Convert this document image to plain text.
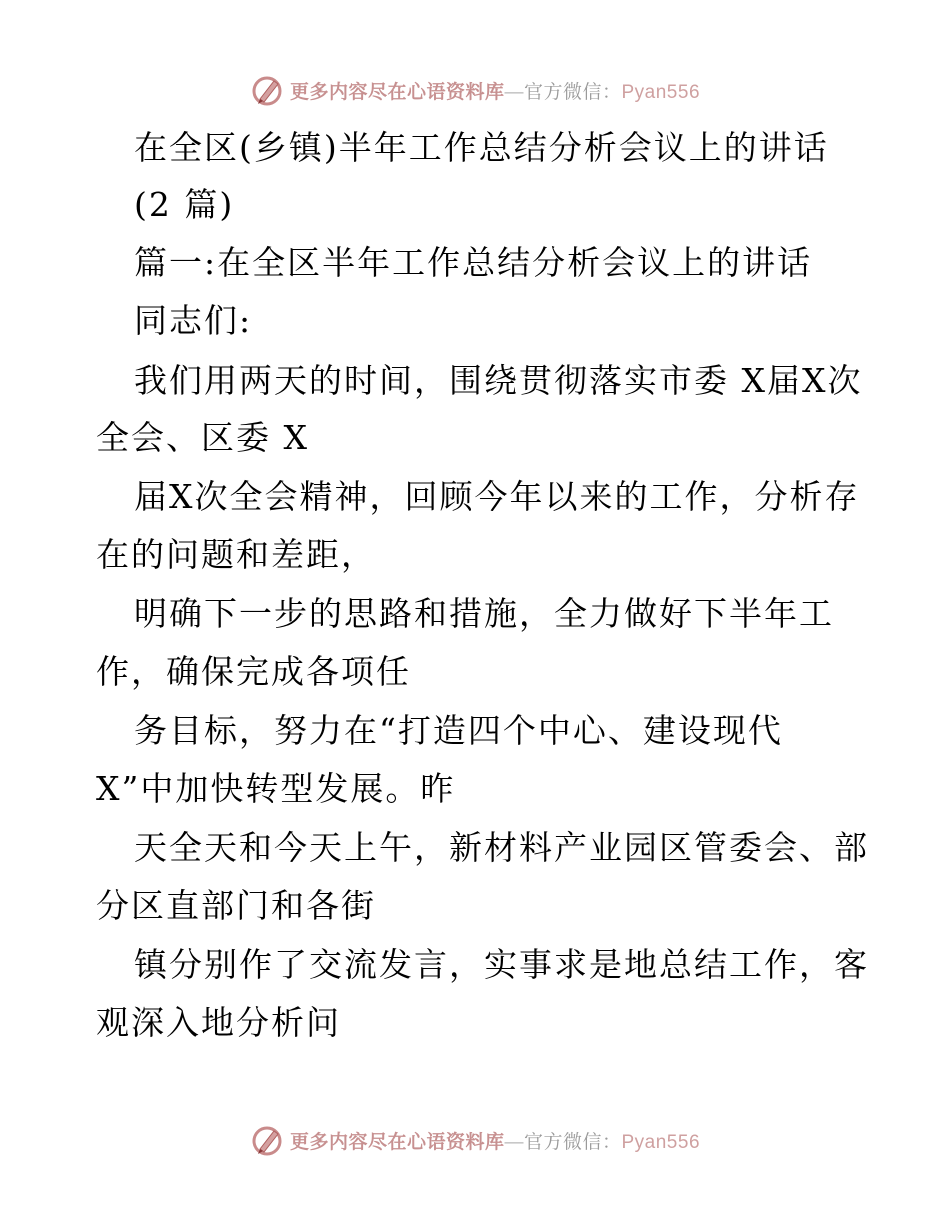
更多内容尽在心语资料库—官方微信：Pyan556
在全区(乡镇)半年工作总结分析会议上的讲话
(2 篇)
篇一:在全区半年工作总结分析会议上的讲话
同志们:
我们用两天的时间，围绕贯彻落实市委 X届X次
全会、区委 X
届X次全会精神，回顾今年以来的工作，分析存
在的问题和差距，
明确下一步的思路和措施，全力做好下半年工
作，确保完成各项任
务目标，努力在“打造四个中心、建设现代
X”中加快转型发展。昨
天全天和今天上午，新材料产业园区管委会、部
分区直部门和各街
镇分别作了交流发言，实事求是地总结工作，客
观深入地分析问
更多内容尽在心语资料库—官方微信：Pyan556
